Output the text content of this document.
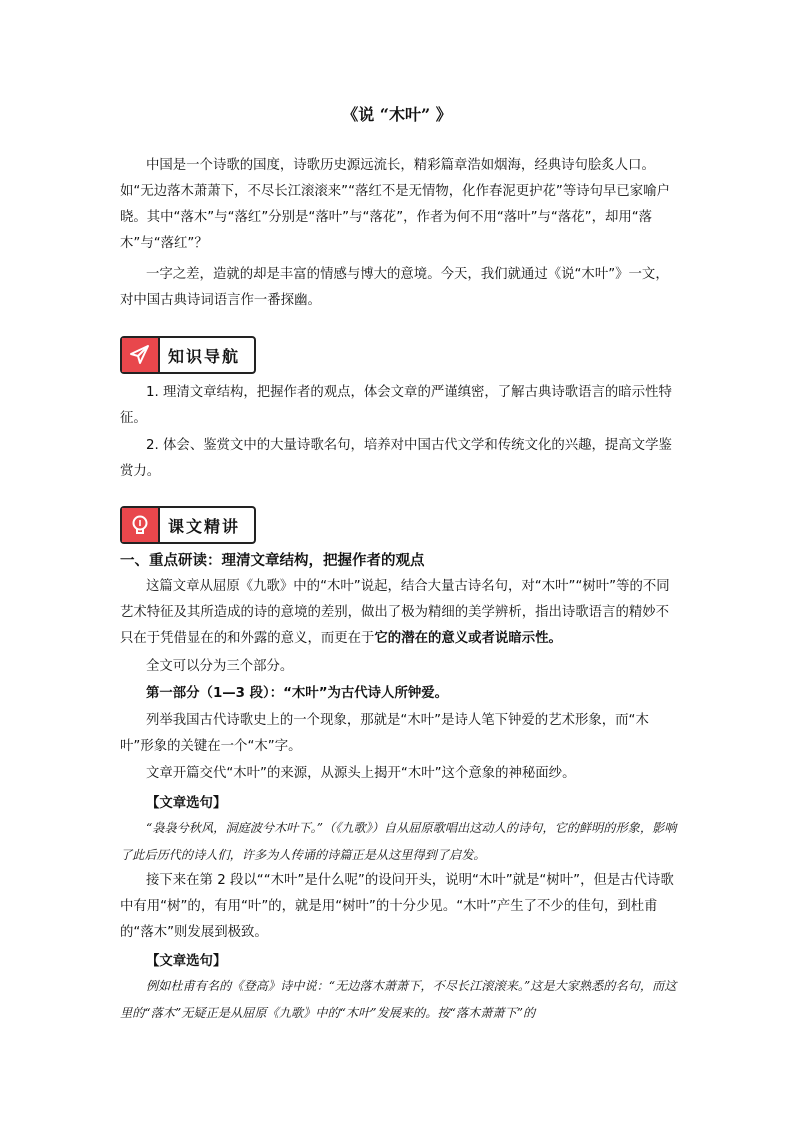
《说 “木叶” 》

中国是一个诗歌的国度，诗歌历史源远流长，精彩篇章浩如烟海，经典诗句脍炙人口。如“无边落木萧萧下，不尽长江滚滚来”“落红不是无情物，化作春泥更护花”等诗句早已家喻户晓。其中“落木”与“落红”分别是“落叶”与“落花”，作者为何不用“落叶”与“落花”，却用“落木”与“落红”？

一字之差，造就的却是丰富的情感与博大的意境。今天，我们就通过《说“木叶”》一文，对中国古典诗词语言作一番探幽。

知识导航

1. 理清文章结构，把握作者的观点，体会文章的严谨缜密，了解古典诗歌语言的暗示性特征。

2. 体会、鉴赏文中的大量诗歌名句，培养对中国古代文学和传统文化的兴趣，提高文学鉴赏力。

课文精讲
一、重点研读：理清文章结构，把握作者的观点

这篇文章从屈原《九歌》中的“木叶”说起，结合大量古诗名句，对“木叶”“树叶”等的不同艺术特征及其所造成的诗的意境的差别，做出了极为精细的美学辨析，指出诗歌语言的精妙不只在于凭借显在的和外露的意义，而更在于它的潜在的意义或者说暗示性。

全文可以分为三个部分。

第一部分（1—3 段）：“木叶”为古代诗人所钟爱。

列举我国古代诗歌史上的一个现象，那就是“木叶”是诗人笔下钟爱的艺术形象，而“木叶”形象的关键在一个“木”字。

文章开篇交代“木叶”的来源，从源头上揭开“木叶”这个意象的神秘面纱。

【文章选句】

“袅袅兮秋风，洞庭波兮木叶下。”（《九歌》）自从屈原歌唱出这动人的诗句，它的鲜明的形象，影响了此后历代的诗人们，许多为人传诵的诗篇正是从这里得到了启发。

接下来在第 2 段以““木叶”是什么呢”的设问开头，说明“木叶”就是“树叶”，但是古代诗歌中有用“树”的，有用“叶”的，就是用“树叶”的十分少见。“木叶”产生了不少的佳句，到杜甫的“落木”则发展到极致。

【文章选句】

例如杜甫有名的《登高》诗中说：“无边落木萧萧下，不尽长江滚滚来。”这是大家熟悉的名句，而这里的“落木”无疑正是从屈原《九歌》中的“木叶”发展来的。按“落木萧萧下”的
